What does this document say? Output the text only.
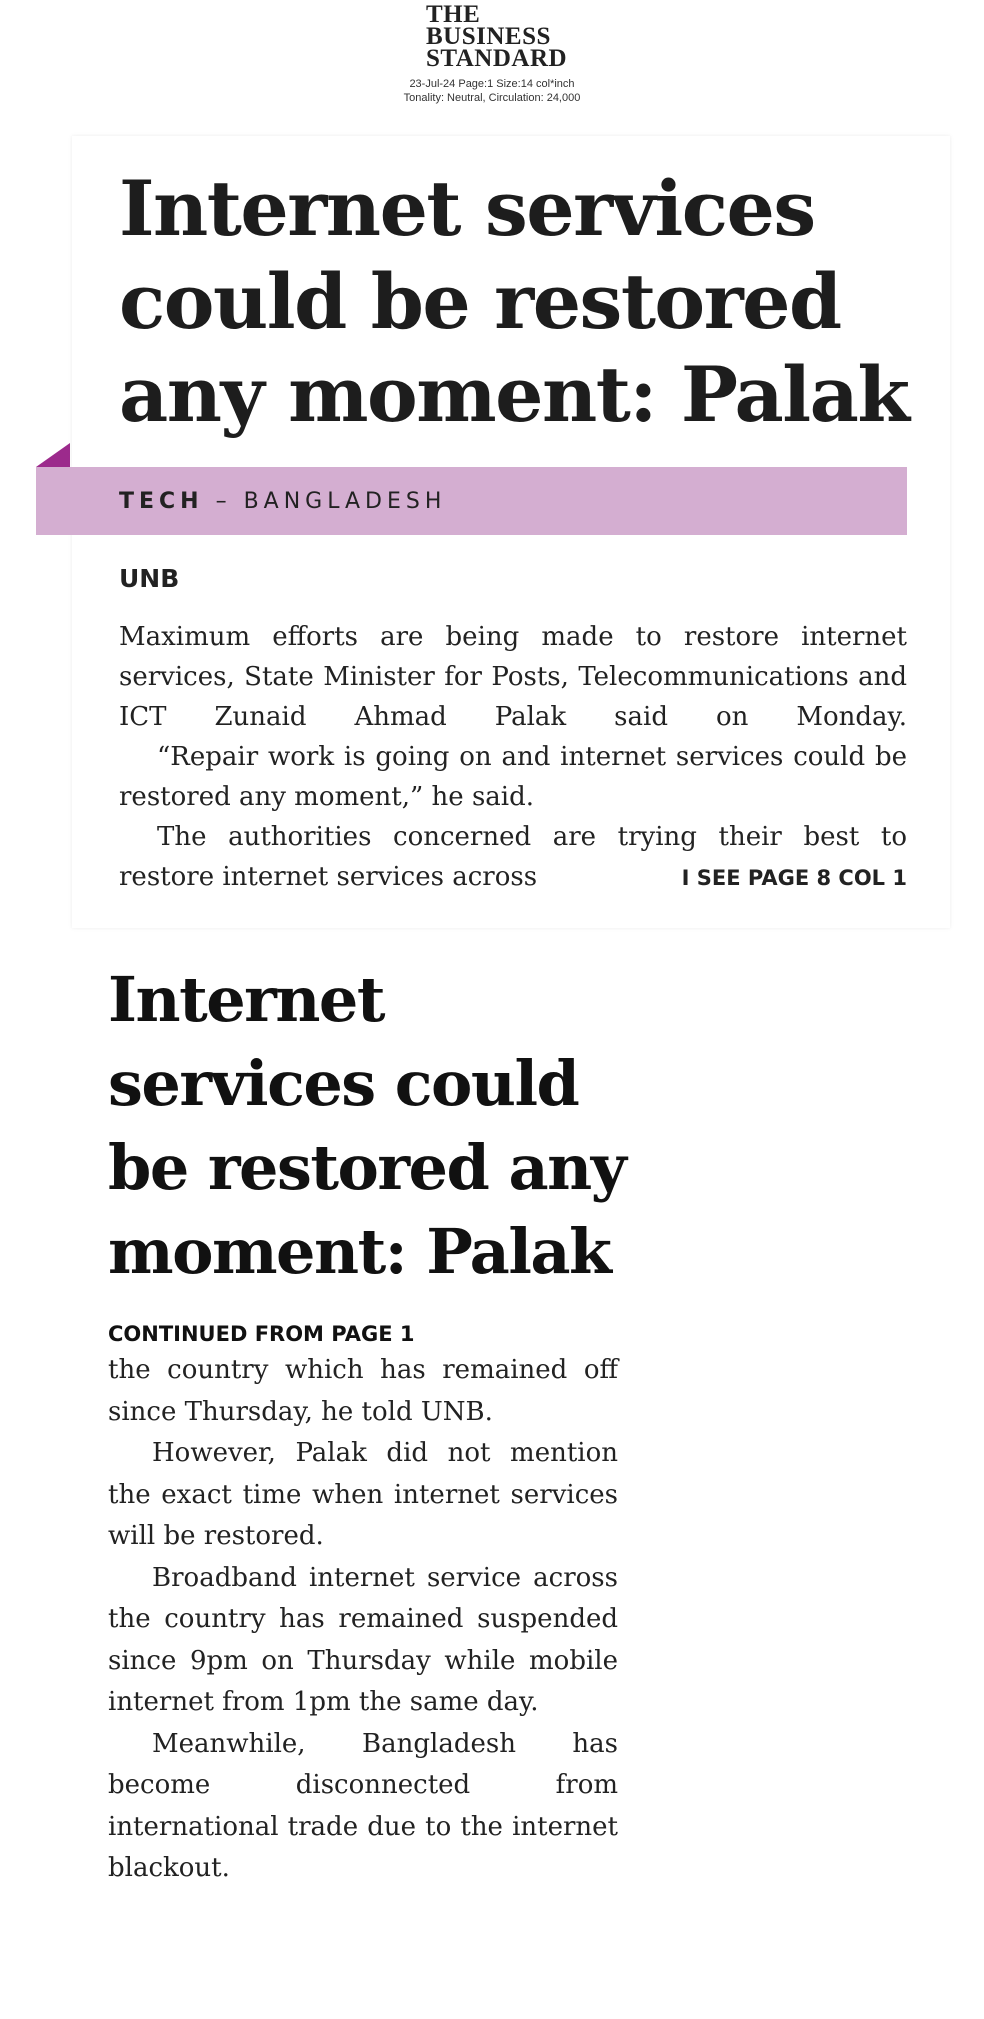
THE
BUSINESS
STANDARD
23-Jul-24 Page:1 Size:14 col*inch
Tonality: Neutral, Circulation: 24,000
Internet services
could be restored
any moment: Palak
TECH – BANGLADESH
UNB

Maximum efforts are being made to restore internet services, State Minister for Posts, Telecommunications and ICT Zunaid Ahmad Palak said on Monday.

“Repair work is going on and internet services could be restored any moment,” he said.

The authorities concerned are trying their best to

restore internet services across	I SEE PAGE 8 COL 1
Internet
services could
be restored any
moment: Palak
CONTINUED FROM PAGE 1

the country which has remained off since Thursday, he told UNB.

However, Palak did not mention the exact time when internet services will be restored.

Broadband internet service across the country has remained suspended since 9pm on Thursday while mobile internet from 1pm the same day.

Meanwhile, Bangladesh has become disconnected from international trade due to the internet blackout.
